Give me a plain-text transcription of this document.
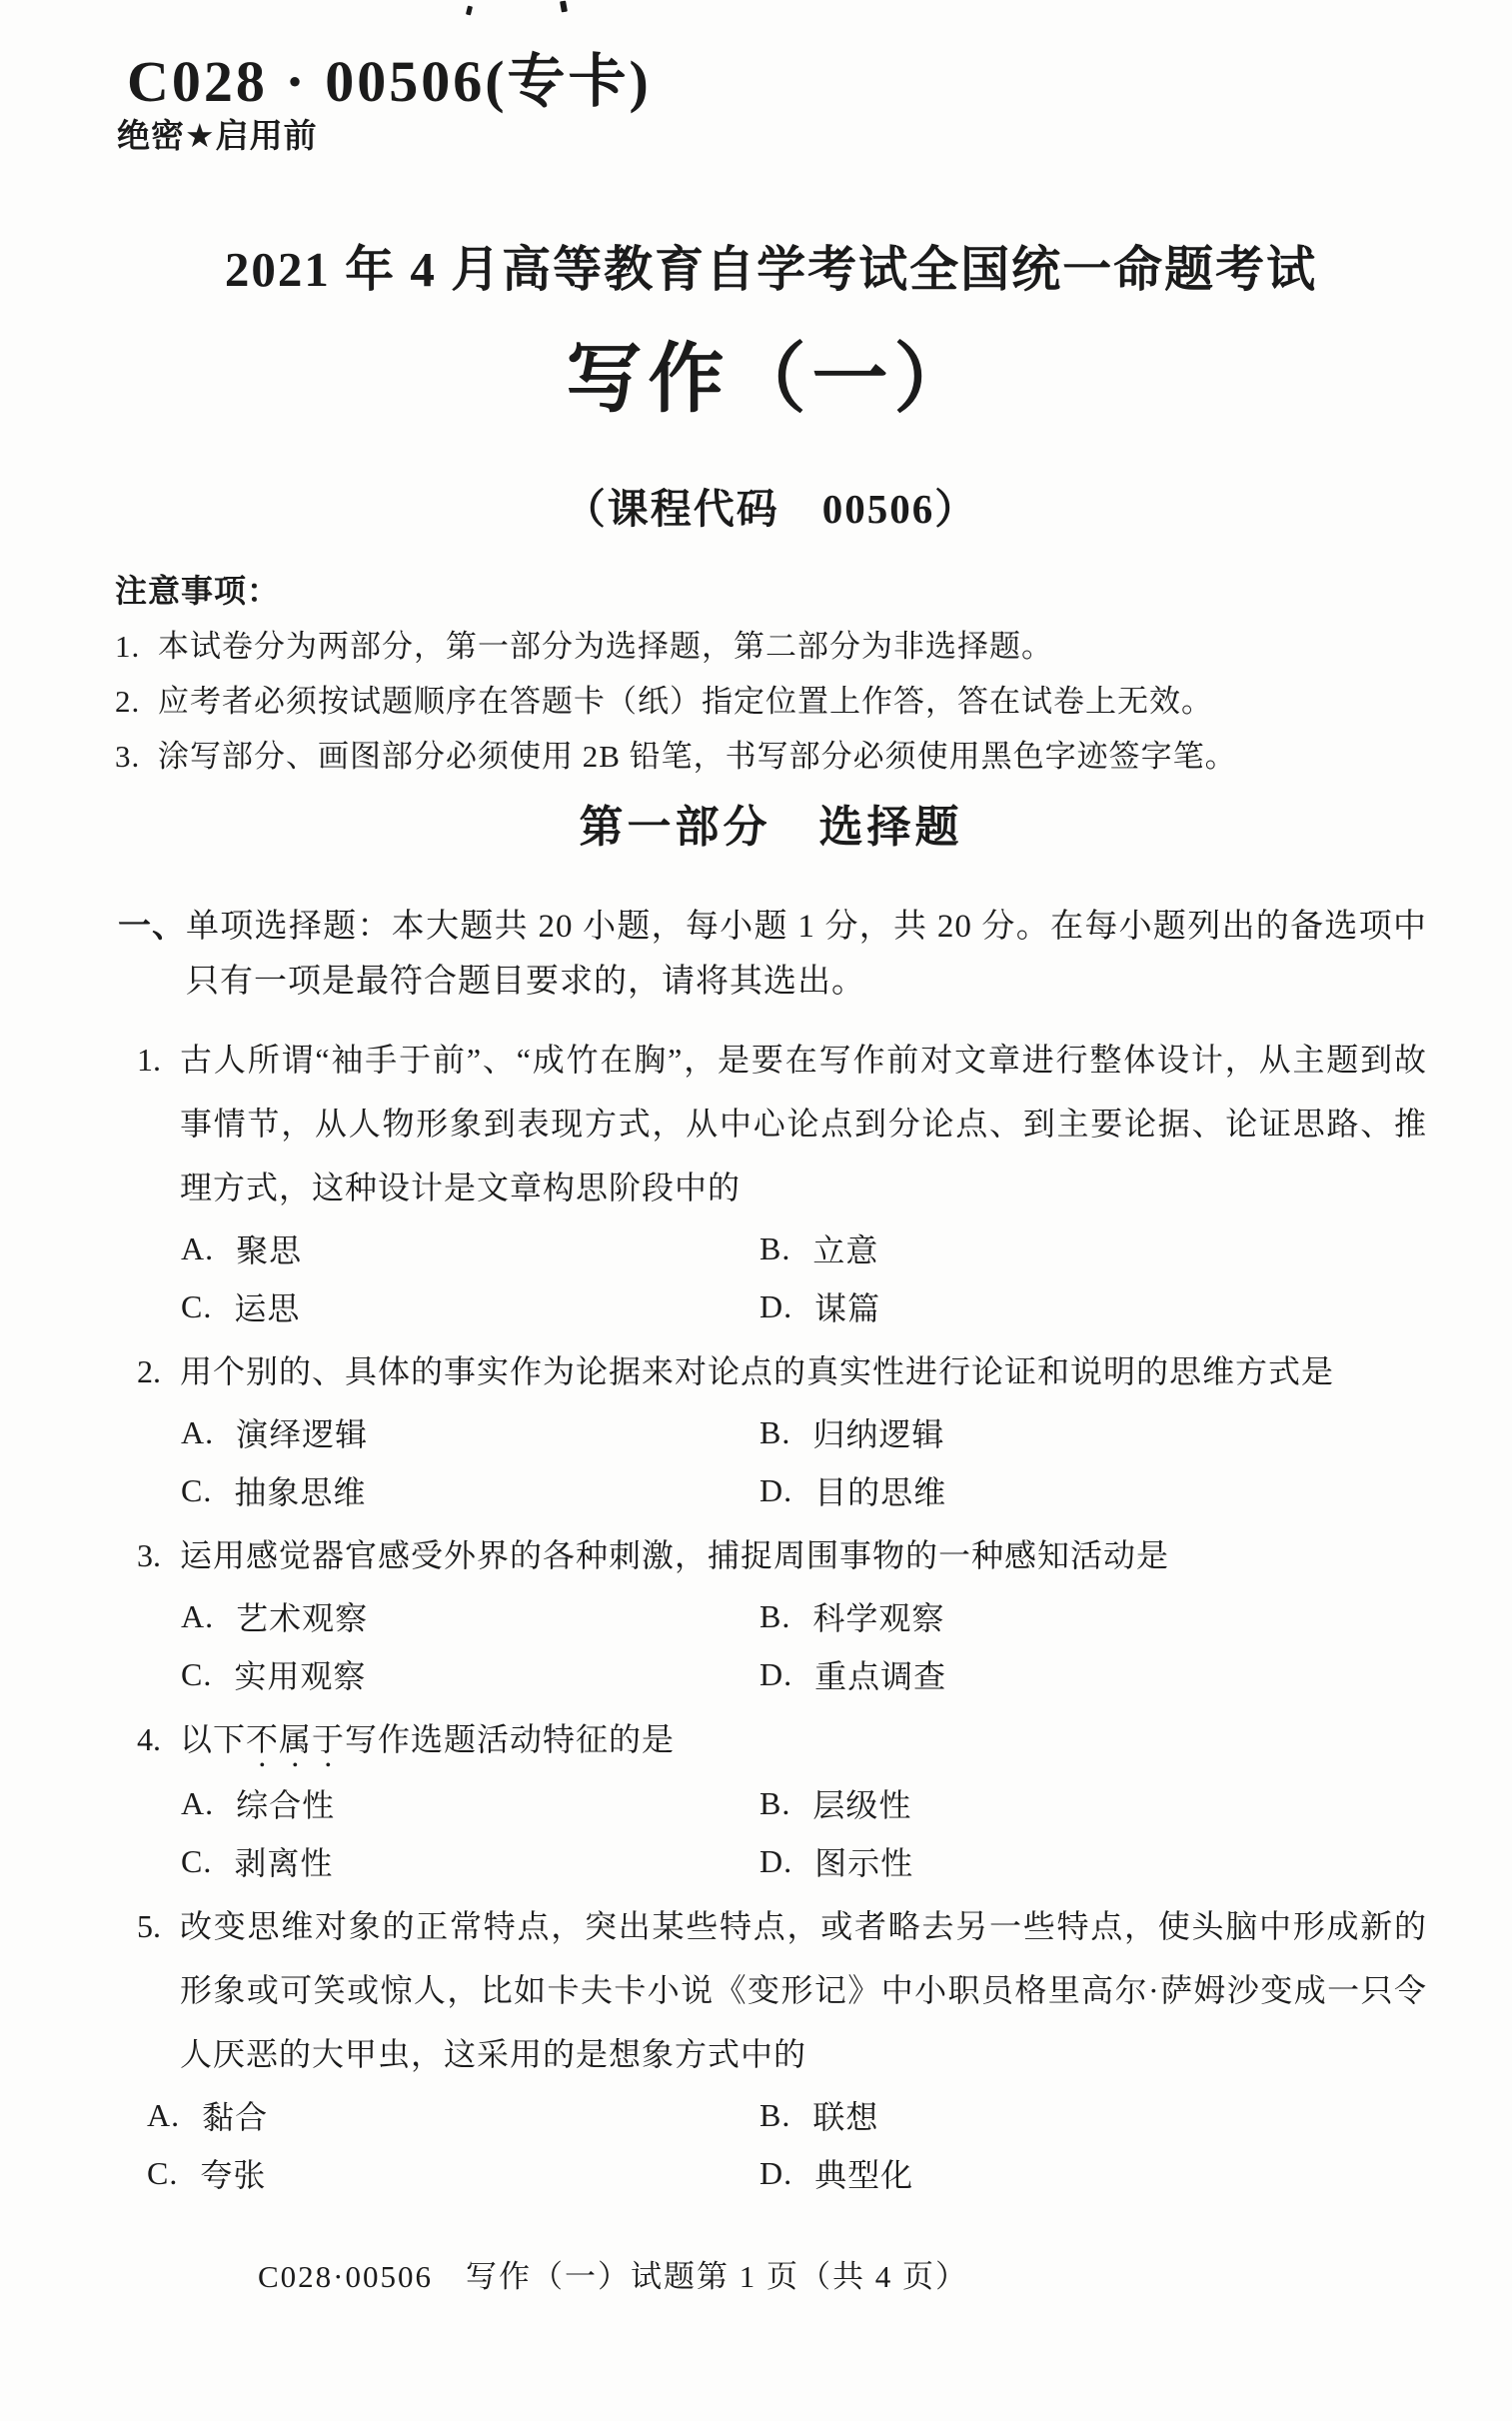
C028 · 00506(专卡)
绝密★启用前
2021 年 4 月高等教育自学考试全国统一命题考试
写作（一）
（课程代码　00506）
注意事项：
1. 本试卷分为两部分，第一部分为选择题，第二部分为非选择题。
2. 应考者必须按试题顺序在答题卡（纸）指定位置上作答，答在试卷上无效。
3. 涂写部分、画图部分必须使用 2B 铅笔，书写部分必须使用黑色字迹签字笔。
第一部分　选择题
一、 单项选择题：本大题共 20 小题，每小题 1 分，共 20 分。在每小题列出的备选项中只有一项是最符合题目要求的，请将其选出。
1. 古人所谓“袖手于前”、“成竹在胸”，是要在写作前对文章进行整体设计，从主题到故事情节，从人物形象到表现方式，从中心论点到分论点、到主要论据、论证思路、推理方式，这种设计是文章构思阶段中的

A. 聚思	B. 立意
C. 运思	D. 谋篇
2. 用个别的、具体的事实作为论据来对论点的真实性进行论证和说明的思维方式是

A. 演绎逻辑	B. 归纳逻辑
C. 抽象思维	D. 目的思维
3. 运用感觉器官感受外界的各种刺激，捕捉周围事物的一种感知活动是

A. 艺术观察	B. 科学观察
C. 实用观察	D. 重点调查
4. 以下不属于写作选题活动特征的是

A. 综合性	B. 层级性
C. 剥离性	D. 图示性
5. 改变思维对象的正常特点，突出某些特点，或者略去另一些特点，使头脑中形成新的形象或可笑或惊人，比如卡夫卡小说《变形记》中小职员格里高尔·萨姆沙变成一只令人厌恶的大甲虫，这采用的是想象方式中的

A. 黏合	B. 联想
C. 夸张	D. 典型化
C028·00506　写作（一）试题第 1 页（共 4 页）
